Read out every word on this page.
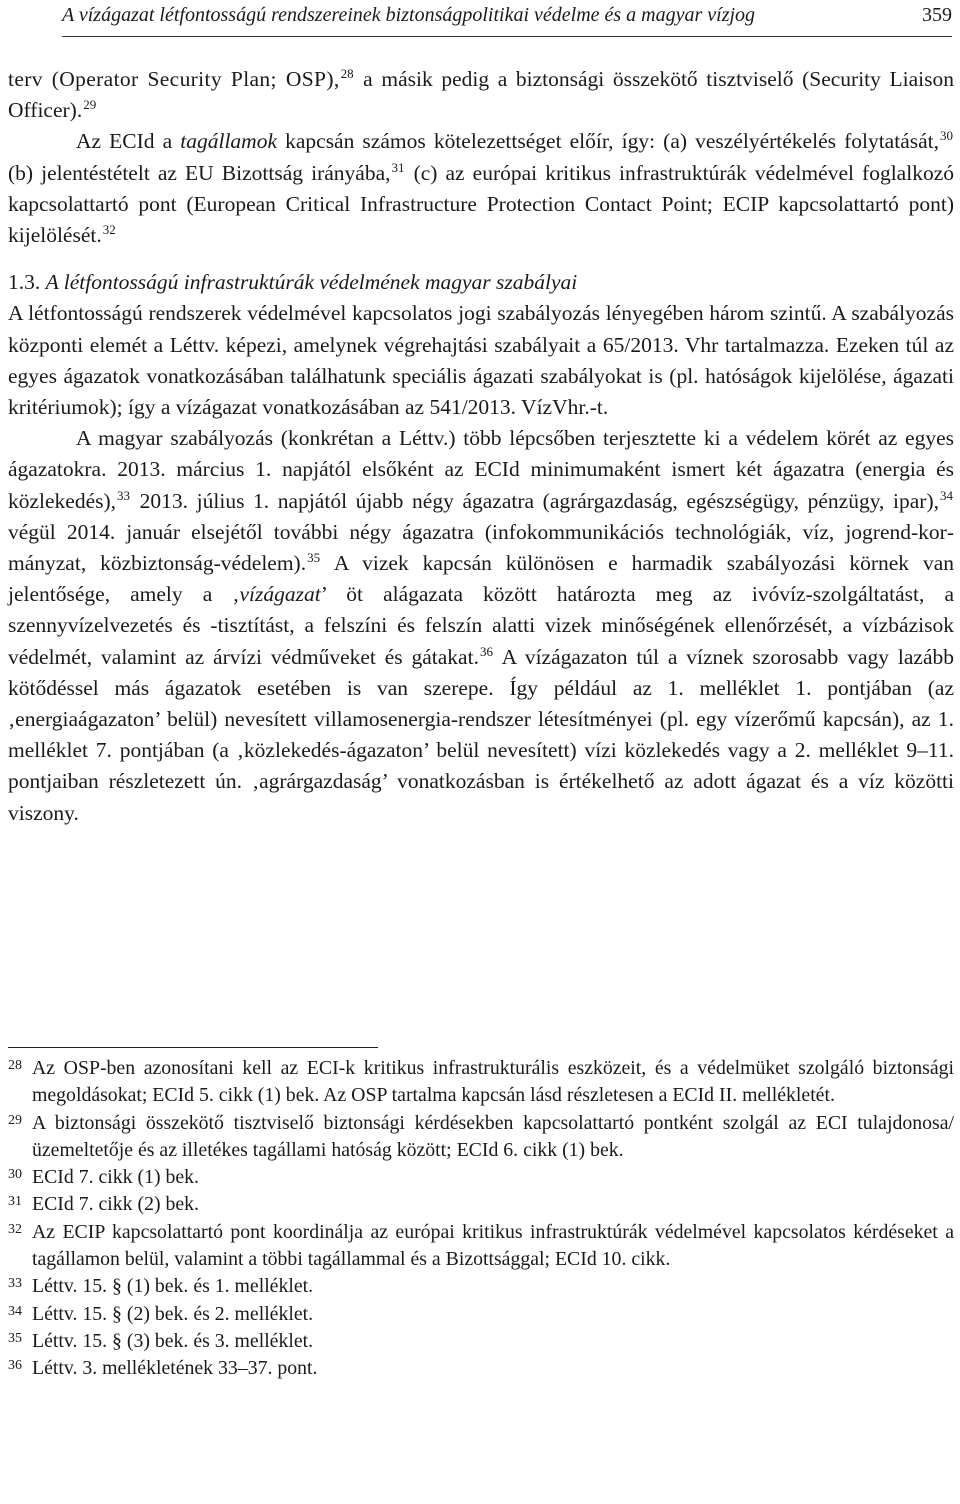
A vízágazat létfontosságú rendszereinek biztonságpolitikai védelme és a magyar vízjog	359

terv (Operator Security Plan; OSP),$^{28}$ a másik pedig a biztonsági összekötő tisztviselő (Security Liaison Officer).$^{29}$

Az ECId a tagállamok kapcsán számos kötelezettséget előír, így: (a) veszélyértékelés folytatását,$^{30}$ (b) jelentéstételt az EU Bizottság irányába,$^{31}$ (c) az európai kritikus infrastruktúrák védelmével foglalkozó kapcsolattartó pont (European Critical Infrastructure Protection Contact Point; ECIP kapcsolattartó pont) kijelölését.$^{32}$

1.3. A létfontosságú infrastruktúrák védelmének magyar szabályai

A létfontosságú rendszerek védelmével kapcsolatos jogi szabályozás lényegében három szintű. A szabályozás központi elemét a Léttv. képezi, amelynek végrehajtási szabályait a 65/2013. Vhr tartalmazza. Ezeken túl az egyes ágazatok vonatkozásában találhatunk speciális ágazati szabályokat is (pl. hatóságok kijelölése, ágazati kritériumok); így a vízágazat vonatkozásában az 541/2013. VízVhr.-t.

A magyar szabályozás (konkrétan a Léttv.) több lépcsőben terjesztette ki a védelem körét az egyes ágazatokra. 2013. március 1. napjától elsőként az ECId minimumaként ismert két ágazatra (energia és közlekedés),$^{33}$ 2013. július 1. napjától újabb négy ágazatra (agrárgazdaság, egészségügy, pénzügy, ipar),$^{34}$ végül 2014. január elsejétől további négy ágazatra (infokommunikációs technológiák, víz, jogrend-kormányzat, közbiztonság-védelem).$^{35}$ A vizek kapcsán különösen e harmadik szabályozási körnek van jelentősége, amely a ‚vízágazat’ öt alágazata között határozta meg az ivóvíz-szolgáltatást, a szennyvízelvezetés és -tisztítást, a felszíni és felszín alatti vizek minőségének ellenőrzését, a vízbázisok védelmét, valamint az árvízi védműveket és gátakat.$^{36}$ A vízágazaton túl a víznek szorosabb vagy lazább kötődéssel más ágazatok esetében is van szerepe. Így például az 1. melléklet 1. pontjában (az ‚energiaágazaton’ belül) nevesített villamosenergia-rendszer létesítményei (pl. egy vízerőmű kapcsán), az 1. melléklet 7. pontjában (a ‚közlekedés-ágazaton’ belül nevesített) vízi közlekedés vagy a 2. melléklet 9–11. pontjaiban részletezett ún. ‚agrárgazdaság’ vonatkozásban is értékelhető az adott ágazat és a víz közötti viszony.

28 Az OSP-ben azonosítani kell az ECI-k kritikus infrastrukturális eszközeit, és a védelmüket szolgáló biztonsági megoldásokat; ECId 5. cikk (1) bek. Az OSP tartalma kapcsán lásd részletesen a ECId II. mellékletét.
29 A biztonsági összekötő tisztviselő biztonsági kérdésekben kapcsolattartó pontként szolgál az ECI tulajdonosa/üzemeltetője és az illetékes tagállami hatóság között; ECId 6. cikk (1) bek.
30 ECId 7. cikk (1) bek.
31 ECId 7. cikk (2) bek.
32 Az ECIP kapcsolattartó pont koordinálja az európai kritikus infrastruktúrák védelmével kapcsolatos kérdéseket a tagállamon belül, valamint a többi tagállammal és a Bizottsággal; ECId 10. cikk.
33 Léttv. 15. § (1) bek. és 1. melléklet.
34 Léttv. 15. § (2) bek. és 2. melléklet.
35 Léttv. 15. § (3) bek. és 3. melléklet.
36 Léttv. 3. mellékletének 33–37. pont.
